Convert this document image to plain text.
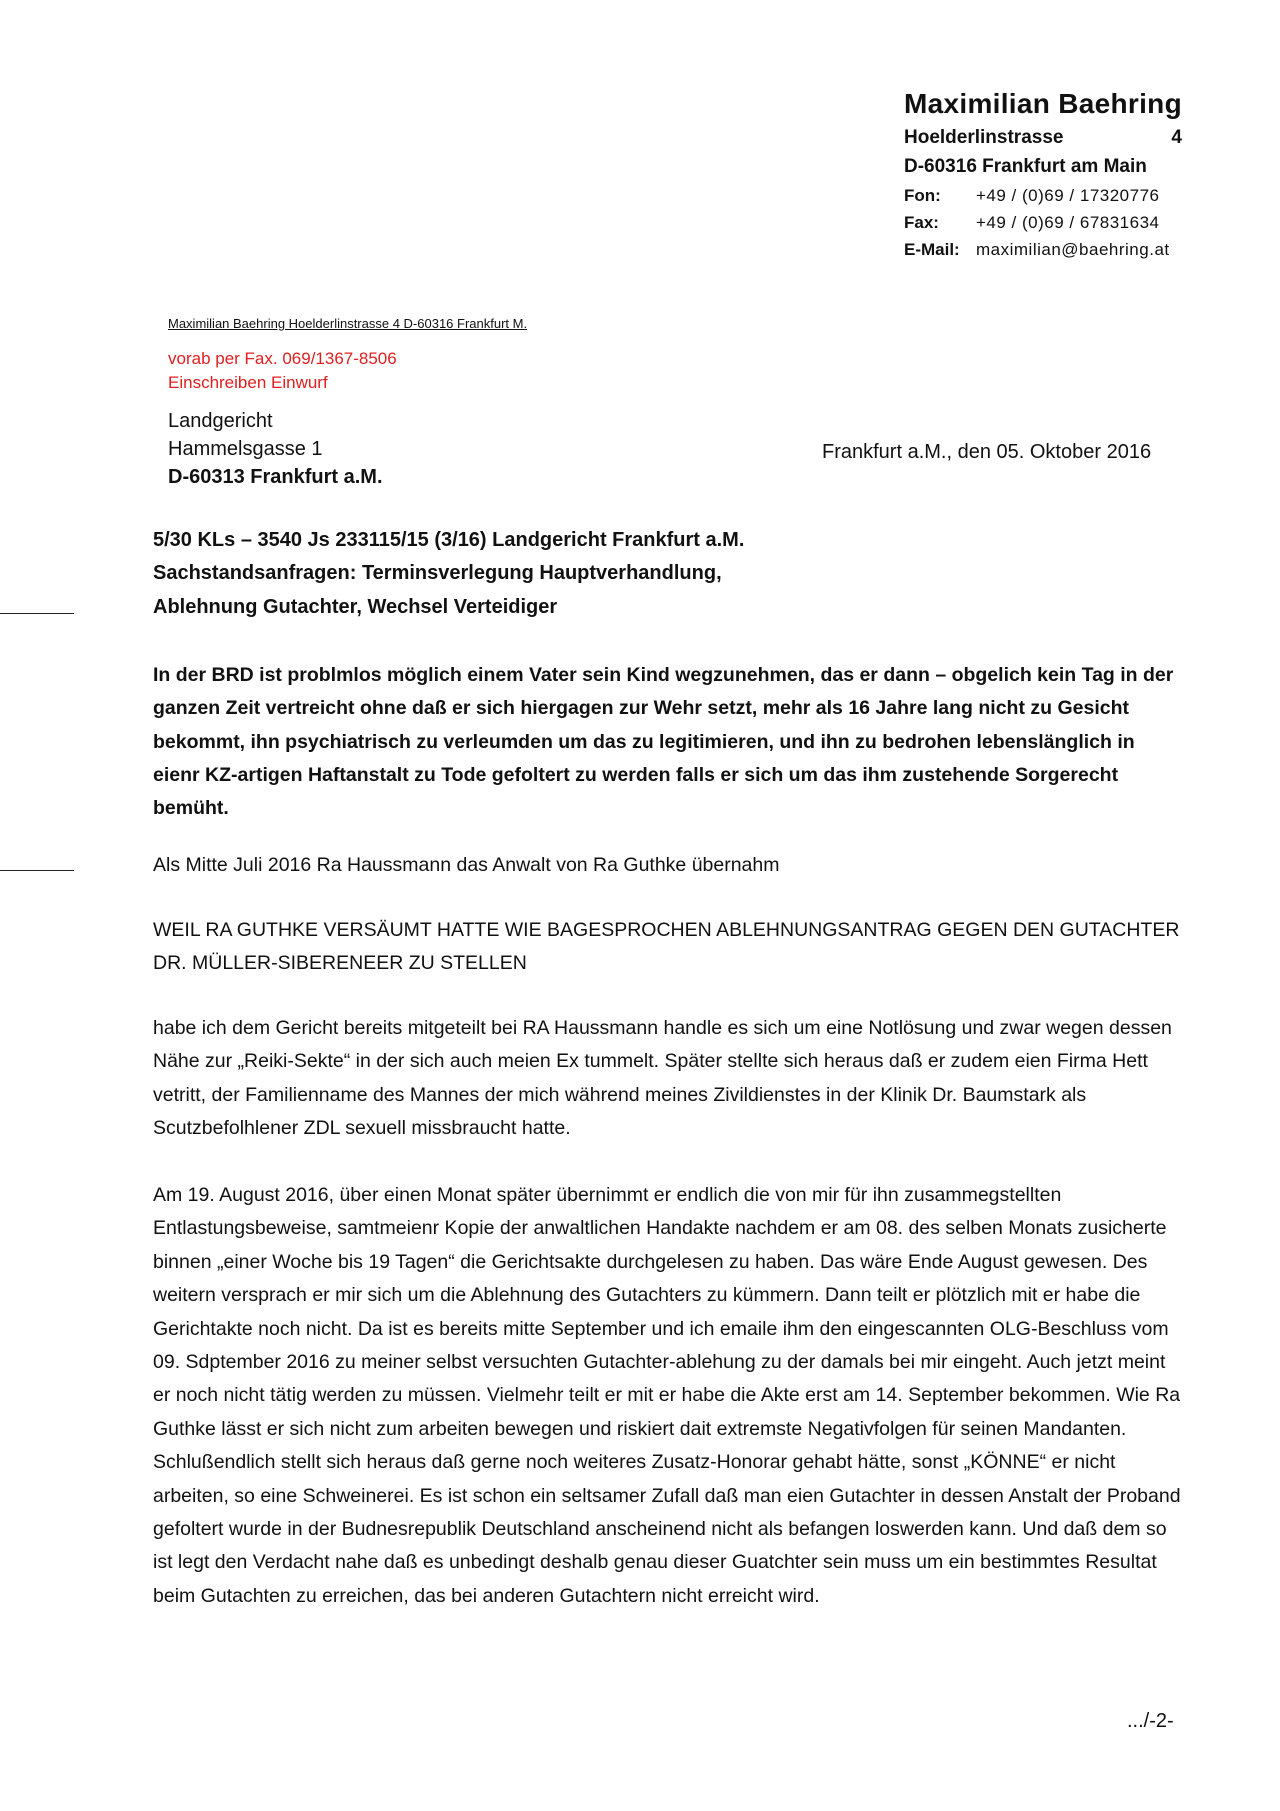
Maximilian Baehring
Hoelderlinstrasse	4
D-60316 Frankfurt am Main
Fon: +49 / (0)69 / 17320776
Fax: +49 / (0)69 / 67831634
E-Mail: maximilian@baehring.at
Maximilian Baehring Hoelderlinstrasse 4 D-60316 Frankfurt M.
vorab per Fax. 069/1367-8506
Einschreiben Einwurf
Landgericht
Hammelsgasse 1
D-60313 Frankfurt a.M.
Frankfurt a.M., den 05. Oktober 2016
5/30 KLs – 3540 Js 233115/15 (3/16) Landgericht Frankfurt a.M.
Sachstandsanfragen: Terminsverlegung Hauptverhandlung,
Ablehnung Gutachter, Wechsel Verteidiger

In der BRD ist problmlos möglich einem Vater sein Kind wegzunehmen, das er dann – obgelich kein Tag in der ganzen Zeit vertreicht ohne daß er sich hiergagen zur Wehr setzt, mehr als 16 Jahre lang nicht zu Gesicht bekommt, ihn psychiatrisch zu verleumden um das zu legitimieren, und ihn zu bedrohen lebenslänglich in eienr KZ-artigen Haftanstalt zu Tode gefoltert zu werden falls er sich um das ihm zustehende Sorgerecht bemüht.

Als Mitte Juli 2016 Ra Haussmann das Anwalt von Ra Guthke übernahm

WEIL RA GUTHKE VERSÄUMT HATTE WIE BAGESPROCHEN ABLEHNUNGSANTRAG GEGEN DEN GUTACHTER DR. MÜLLER-SIBERENEER ZU STELLEN

habe ich dem Gericht bereits mitgeteilt bei RA Haussmann handle es sich um eine Notlösung und zwar wegen dessen Nähe zur „Reiki-Sekte“ in der sich auch meien Ex tummelt. Später stellte sich heraus daß er zudem eien Firma Hett vetritt, der Familienname des Mannes der mich während meines Zivildienstes in der Klinik Dr. Baumstark als Scutzbefolhlener ZDL sexuell missbraucht hatte.

Am 19. August 2016, über einen Monat später übernimmt er endlich die von mir für ihn zusammegstellten Entlastungsbeweise, samtmeienr Kopie der anwaltlichen Handakte nachdem er am 08. des selben Monats zusicherte binnen „einer Woche bis 19 Tagen“ die Gerichtsakte durchgelesen zu haben. Das wäre Ende August gewesen. Des weitern versprach er mir sich um die Ablehnung des Gutachters zu kümmern. Dann teilt er plötzlich mit er habe die Gerichtakte noch nicht. Da ist es bereits mitte September und ich emaile ihm den eingescannten OLG-Beschluss vom 09. Sdptember 2016 zu meiner selbst versuchten Gutachter-ablehung zu der damals bei mir eingeht. Auch jetzt meint er noch nicht tätig werden zu müssen. Vielmehr teilt er mit er habe die Akte erst am 14. September bekommen. Wie Ra Guthke lässt er sich nicht zum arbeiten bewegen und riskiert dait extremste Negativfolgen für seinen Mandanten. Schlußendlich stellt sich heraus daß gerne noch weiteres Zusatz-Honorar gehabt hätte, sonst „KÖNNE“ er nicht arbeiten, so eine Schweinerei. Es ist schon ein seltsamer Zufall daß man eien Gutachter in dessen Anstalt der Proband gefoltert wurde in der Budnesrepublik Deutschland anscheinend nicht als befangen loswerden kann. Und daß dem so ist legt den Verdacht nahe daß es unbedingt deshalb genau dieser Guatchter sein muss um ein bestimmtes Resultat beim Gutachten zu erreichen, das bei anderen Gutachtern nicht erreicht wird.

.../-2-
